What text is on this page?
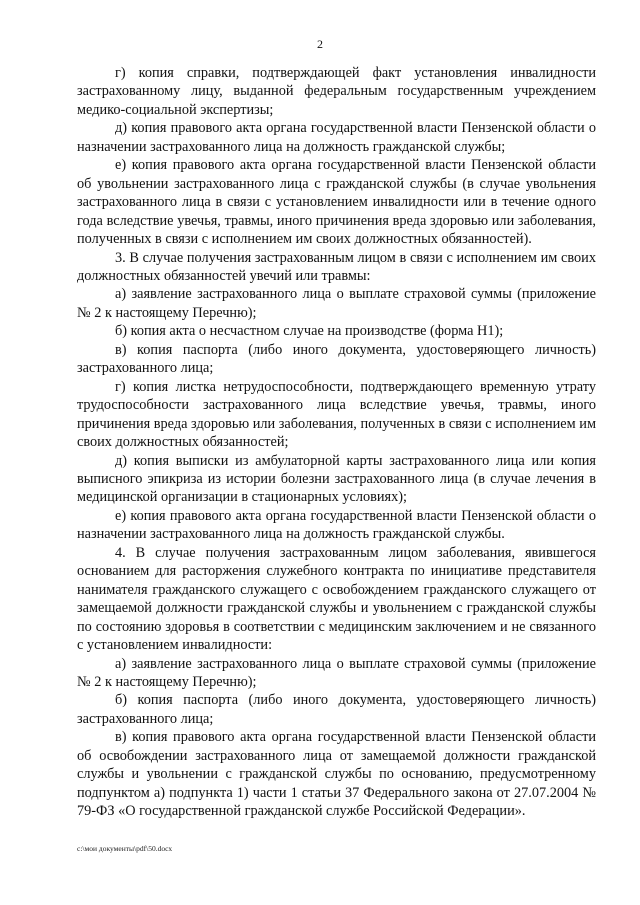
2

г) копия справки, подтверждающей факт установления инвалидности застрахованному лицу, выданной федеральным государственным учреждением медико-социальной экспертизы;

д) копия правового акта органа государственной власти Пензенской области о назначении застрахованного лица на должность гражданской службы;

е) копия правового акта органа государственной власти Пензенской области об увольнении застрахованного лица с гражданской службы (в случае увольнения застрахованного лица в связи с установлением инвалидности или в течение одного года вследствие увечья, травмы, иного причинения вреда здоровью или заболевания, полученных в связи с исполнением им своих должностных обязанностей).

3. В случае получения застрахованным лицом в связи с исполнением им своих должностных обязанностей увечий или травмы:

а) заявление застрахованного лица о выплате страховой суммы (приложение № 2 к настоящему Перечню);

б) копия акта о несчастном случае на производстве (форма Н1);

в) копия паспорта (либо иного документа, удостоверяющего личность) застрахованного лица;

г) копия листка нетрудоспособности, подтверждающего временную утрату трудоспособности застрахованного лица вследствие увечья, травмы, иного причинения вреда здоровью или заболевания, полученных в связи с исполнением им своих должностных обязанностей;

д) копия выписки из амбулаторной карты застрахованного лица или копия выписного эпикриза из истории болезни застрахованного лица (в случае лечения в медицинской организации в стационарных условиях);

е) копия правового акта органа государственной власти Пензенской области о назначении застрахованного лица на должность гражданской службы.

4. В случае получения застрахованным лицом заболевания, явившегося основанием для расторжения служебного контракта по инициативе представителя нанимателя гражданского служащего с освобождением гражданского служащего от замещаемой должности гражданской службы и увольнением с гражданской службы по состоянию здоровья в соответствии с медицинским заключением и не связанного с установлением инвалидности:

а) заявление застрахованного лица о выплате страховой суммы (приложение № 2 к настоящему Перечню);

б) копия паспорта (либо иного документа, удостоверяющего личность) застрахованного лица;

в) копия правового акта органа государственной власти Пензенской области об освобождении застрахованного лица от замещаемой должности гражданской службы и увольнении с гражданской службы по основанию, предусмотренному подпунктом а) подпункта 1) части 1 статьи 37 Федерального закона от 27.07.2004 № 79-ФЗ «О государственной гражданской службе Российской Федерации».

c:\мои документы\pdf\50.docx
